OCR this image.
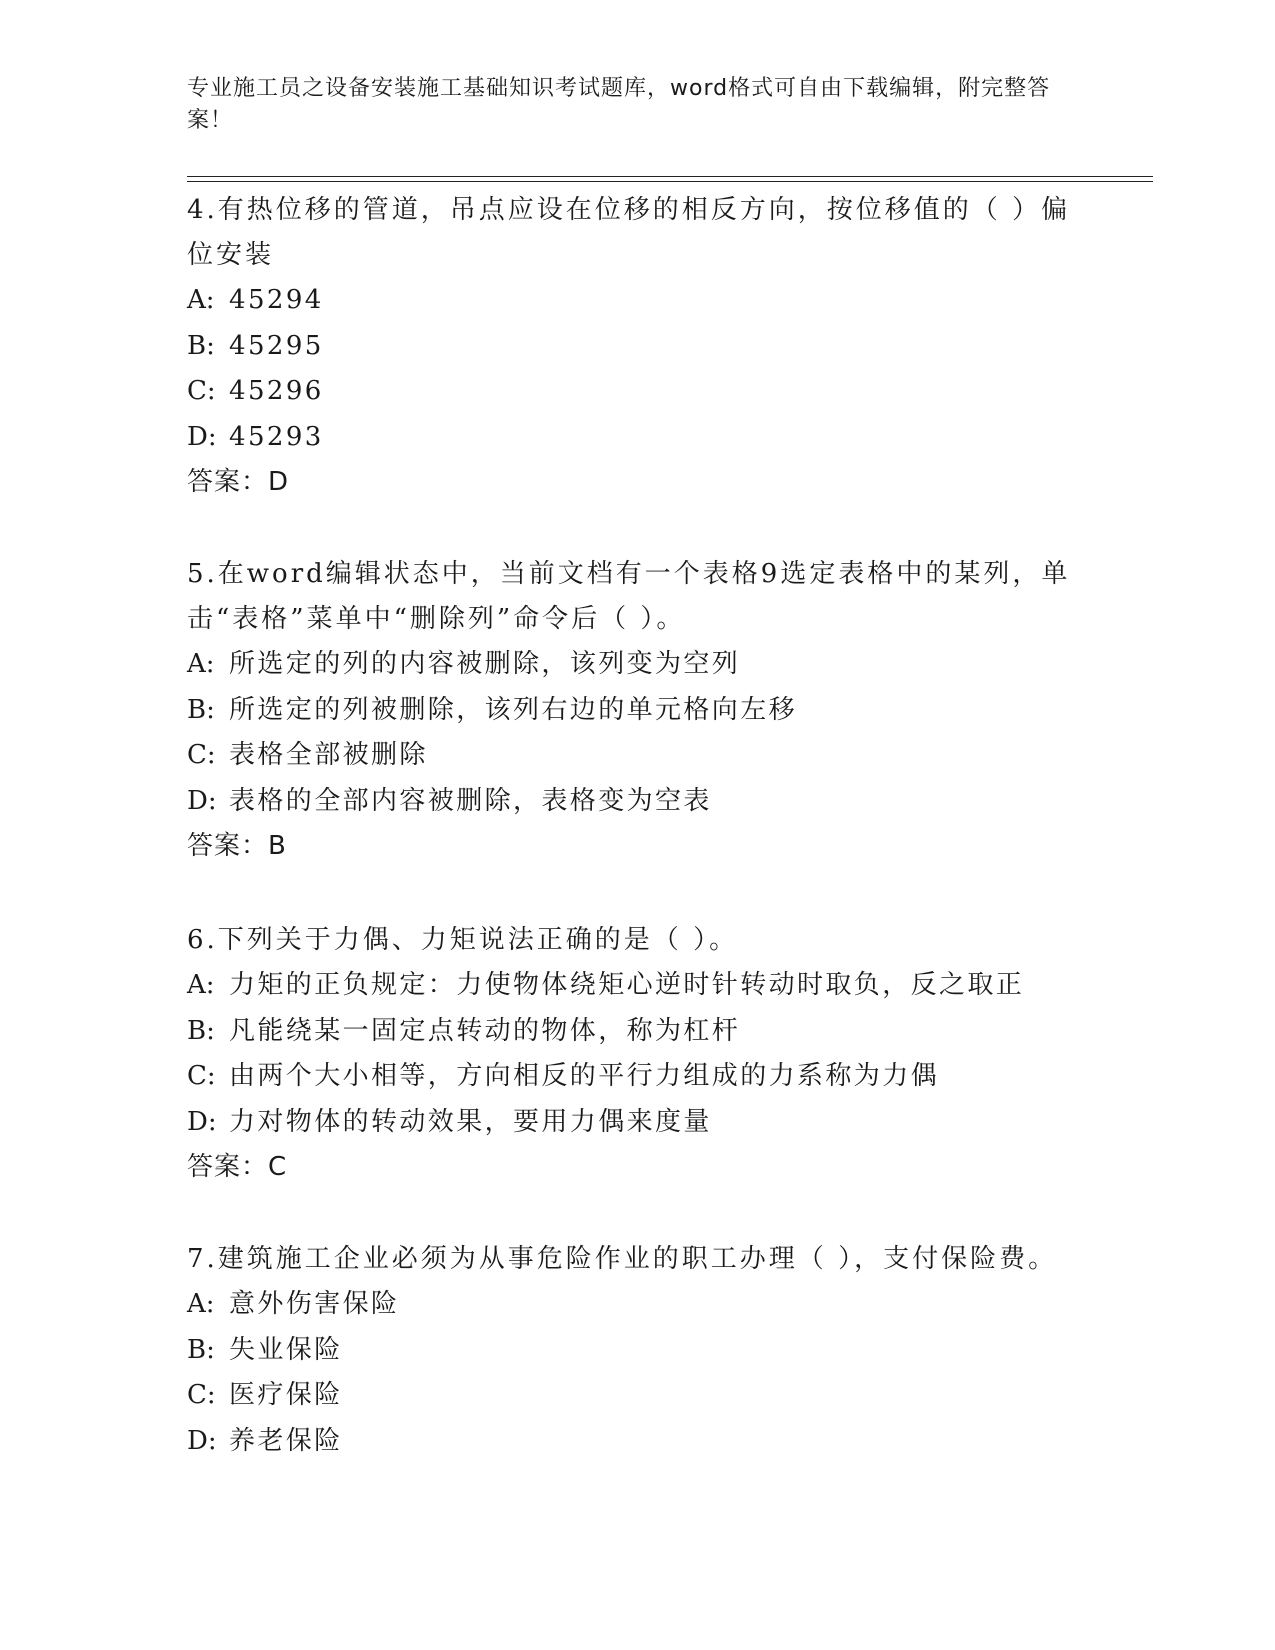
专业施工员之设备安装施工基础知识考试题库，word格式可自由下载编辑，附完整答案！

4.有热位移的管道，吊点应设在位移的相反方向，按位移值的（ ）偏位安装

A: 45294

B: 45295

C: 45296

D: 45293

答案：D

5.在word编辑状态中，当前文档有一个表格9选定表格中的某列，单击“表格”菜单中“删除列”命令后（ ）。

A: 所选定的列的内容被删除，该列变为空列

B: 所选定的列被删除，该列右边的单元格向左移

C: 表格全部被删除

D: 表格的全部内容被删除，表格变为空表

答案：B

6.下列关于力偶、力矩说法正确的是（ ）。

A: 力矩的正负规定：力使物体绕矩心逆时针转动时取负，反之取正

B: 凡能绕某一固定点转动的物体，称为杠杆

C: 由两个大小相等，方向相反的平行力组成的力系称为力偶

D: 力对物体的转动效果，要用力偶来度量

答案：C

7.建筑施工企业必须为从事危险作业的职工办理（ ），支付保险费。

A: 意外伤害保险

B: 失业保险

C: 医疗保险

D: 养老保险
